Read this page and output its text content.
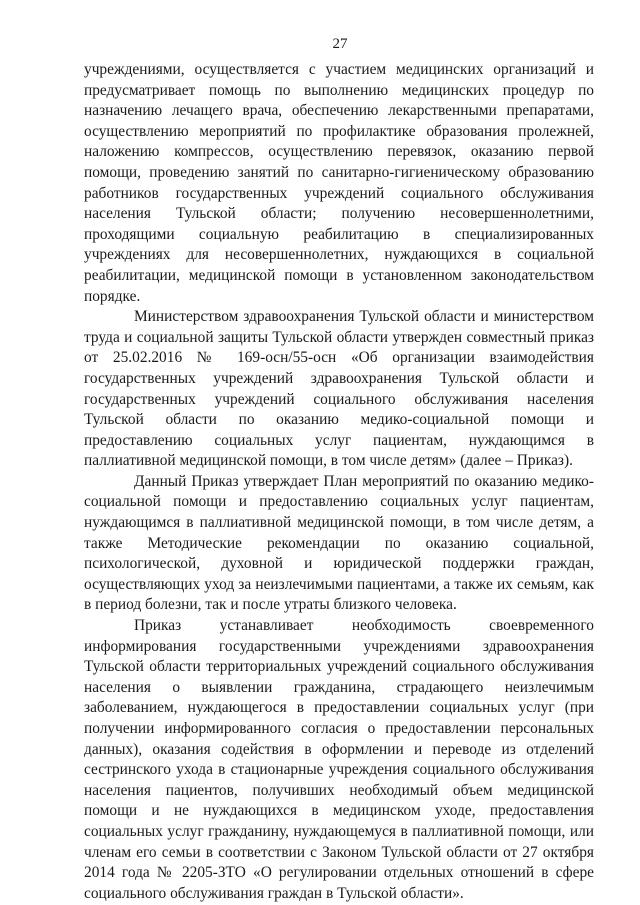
27

учреждениями, осуществляется с участием медицинских организаций и предусматривает помощь по выполнению медицинских процедур по назначению лечащего врача, обеспечению лекарственными препаратами, осуществлению мероприятий по профилактике образования пролежней, наложению компрессов, осуществлению перевязок, оказанию первой помощи, проведению занятий по санитарно-гигиеническому образованию работников государственных учреждений социального обслуживания населения Тульской области; получению несовершеннолетними, проходящими социальную реабилитацию в специализированных учреждениях для несовершеннолетних, нуждающихся в социальной реабилитации, медицинской помощи в установленном законодательством порядке.

Министерством здравоохранения Тульской области и министерством труда и социальной защиты Тульской области утвержден совместный приказ от 25.02.2016 № 169-осн/55-осн «Об организации взаимодействия государственных учреждений здравоохранения Тульской области и государственных учреждений социального обслуживания населения Тульской области по оказанию медико-социальной помощи и предоставлению социальных услуг пациентам, нуждающимся в паллиативной медицинской помощи, в том числе детям» (далее – Приказ).

Данный Приказ утверждает План мероприятий по оказанию медико-социальной помощи и предоставлению социальных услуг пациентам, нуждающимся в паллиативной медицинской помощи, в том числе детям, а также Методические рекомендации по оказанию социальной, психологической, духовной и юридической поддержки граждан, осуществляющих уход за неизлечимыми пациентами, а также их семьям, как в период болезни, так и после утраты близкого человека.

Приказ устанавливает необходимость своевременного информирования государственными учреждениями здравоохранения Тульской области территориальных учреждений социального обслуживания населения о выявлении гражданина, страдающего неизлечимым заболеванием, нуждающегося в предоставлении социальных услуг (при получении информированного согласия о предоставлении персональных данных), оказания содействия в оформлении и переводе из отделений сестринского ухода в стационарные учреждения социального обслуживания населения пациентов, получивших необходимый объем медицинской помощи и не нуждающихся в медицинском уходе, предоставления социальных услуг гражданину, нуждающемуся в паллиативной помощи, или членам его семьи в соответствии с Законом Тульской области от 27 октября 2014 года № 2205-ЗТО «О регулировании отдельных отношений в сфере социального обслуживания граждан в Тульской области».
